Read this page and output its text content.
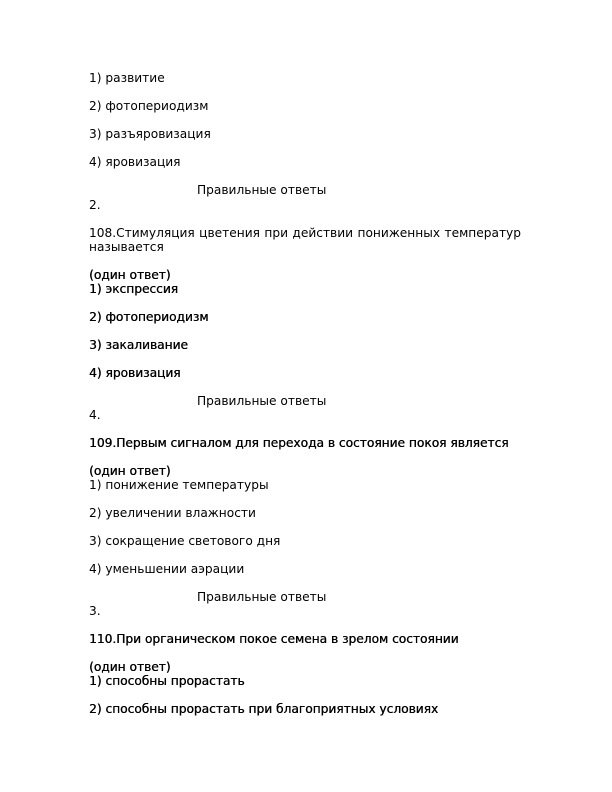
1) развитие
2) фотопериодизм
3) разъяровизация
4) яровизация
Правильные ответы
2.
108.Стимуляция цветения при действии пониженных температур
называется
(один ответ)
1) экспрессия
2) фотопериодизм
3) закаливание
4) яровизация
Правильные ответы
4.
109.Первым сигналом для перехода в состояние покоя является
(один ответ)
1) понижение температуры
2) увеличении влажности
3) сокращение светового дня
4) уменьшении аэрации
Правильные ответы
3.
110.При органическом покое семена в зрелом состоянии
(один ответ)
1) способны прорастать
2) способны прорастать при благоприятных условиях
